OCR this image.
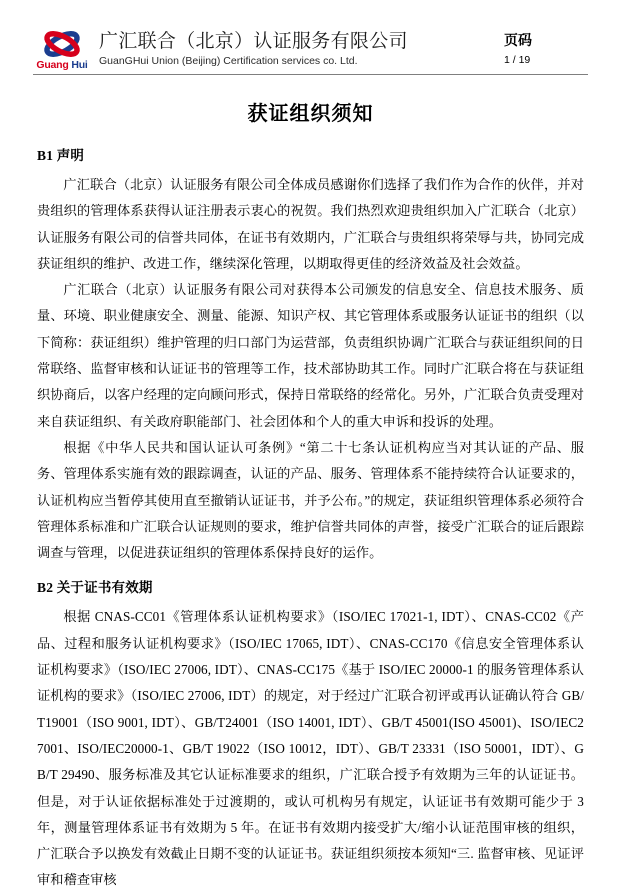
Guang Hui
广汇联合（北京）认证服务有限公司
GuanGHui Union (Beijing) Certification services co. Ltd.
页码
1 / 19
获证组织须知
B1 声明

广汇联合（北京）认证服务有限公司全体成员感谢你们选择了我们作为合作的伙伴，并对贵组织的管理体系获得认证注册表示衷心的祝贺。我们热烈欢迎贵组织加入广汇联合（北京）认证服务有限公司的信誉共同体，在证书有效期内，广汇联合与贵组织将荣辱与共，协同完成获证组织的维护、改进工作，继续深化管理，以期取得更佳的经济效益及社会效益。

广汇联合（北京）认证服务有限公司对获得本公司颁发的信息安全、信息技术服务、质量、环境、职业健康安全、测量、能源、知识产权、其它管理体系或服务认证证书的组织（以下简称：获证组织）维护管理的归口部门为运营部，负责组织协调广汇联合与获证组织间的日常联络、监督审核和认证证书的管理等工作，技术部协助其工作。同时广汇联合将在与获证组织协商后，以客户经理的定向顾问形式，保持日常联络的经常化。另外，广汇联合负责受理对来自获证组织、有关政府职能部门、社会团体和个人的重大申诉和投诉的处理。

根据《中华人民共和国认证认可条例》“第二十七条认证机构应当对其认证的产品、服务、管理体系实施有效的跟踪调查，认证的产品、服务、管理体系不能持续符合认证要求的，认证机构应当暂停其使用直至撤销认证证书，并予公布。”的规定，获证组织管理体系必须符合管理体系标准和广汇联合认证规则的要求，维护信誉共同体的声誉，接受广汇联合的证后跟踪调查与管理，以促进获证组织的管理体系保持良好的运作。

B2 关于证书有效期

根据 CNAS-CC01《管理体系认证机构要求》（ISO/IEC 17021-1, IDT）、CNAS-CC02《产品、过程和服务认证机构要求》（ISO/IEC 17065, IDT）、CNAS-CC170《信息安全管理体系认证机构要求》（ISO/IEC 27006, IDT）、CNAS-CC175《基于 ISO/IEC 20000-1 的服务管理体系认证机构的要求》（ISO/IEC 27006, IDT）的规定，对于经过广汇联合初评或再认证确认符合 GB/T19001（ISO 9001, IDT）、GB/T24001（ISO 14001, IDT）、GB/T 45001(ISO 45001)、ISO/IEC27001、ISO/IEC20000-1、GB/T 19022（ISO 10012，IDT）、GB/T 23331（ISO 50001，IDT）、GB/T 29490、服务标准及其它认证标准要求的组织，广汇联合授予有效期为三年的认证证书。但是，对于认证依据标准处于过渡期的，或认可机构另有规定，认证证书有效期可能少于 3 年，测量管理体系证书有效期为 5 年。在证书有效期内接受扩大/缩小认证范围审核的组织，广汇联合予以换发有效截止日期不变的认证证书。获证组织须按本须知“三. 监督审核、见证评审和稽查审核
